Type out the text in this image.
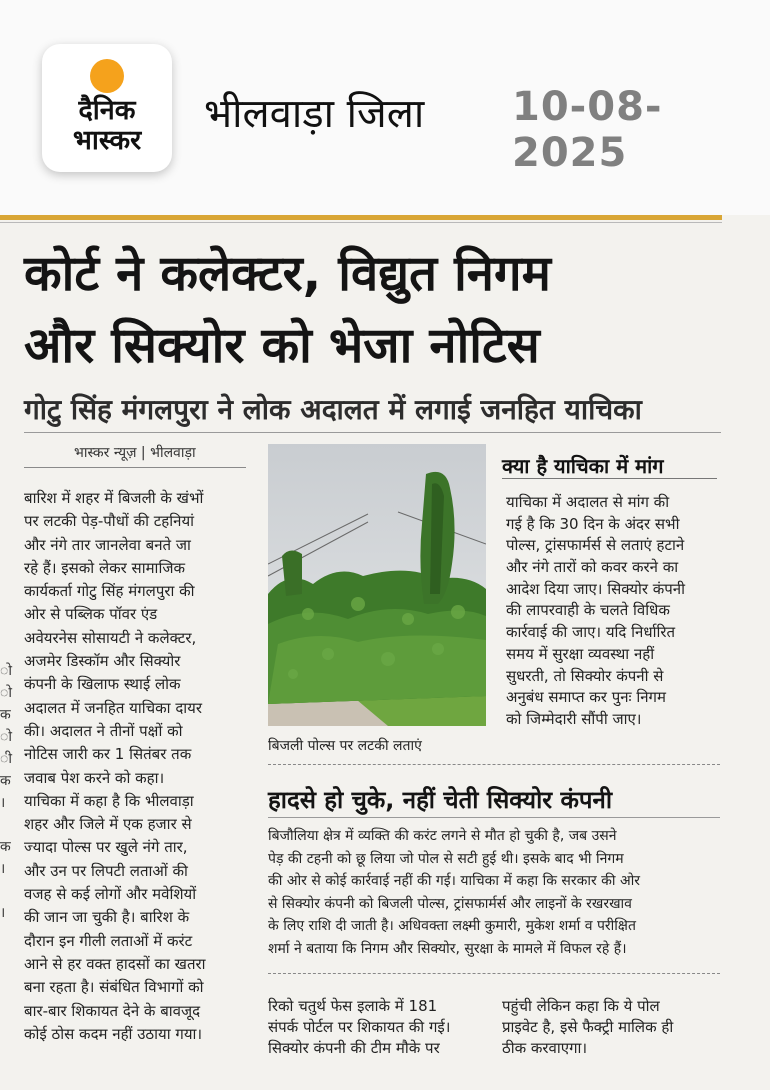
दैनिक
भास्कर
भीलवाड़ा जिला 10-08-2025
कोर्ट ने कलेक्टर, विद्युत निगम
और सिक्योर को भेजा नोटिस
गोटु सिंह मंगलपुरा ने लोक अदालत में लगाई जनहित याचिका
ो
ो
क
ो
ी
क
।

क
।

।
भास्कर न्यूज़ | भीलवाड़ा
बारिश में शहर में बिजली के खंभों
पर लटकी पेड़-पौधों की टहनियां
और नंगे तार जानलेवा बनते जा
रहे हैं। इसको लेकर सामाजिक
कार्यकर्ता गोटु सिंह मंगलपुरा की
ओर से पब्लिक पॉवर एंड
अवेयरनेस सोसायटी ने कलेक्टर,
अजमेर डिस्कॉम और सिक्योर
कंपनी के खिलाफ स्थाई लोक
अदालत में जनहित याचिका दायर
की। अदालत ने तीनों पक्षों को
नोटिस जारी कर 1 सितंबर तक
जवाब पेश करने को कहा।
याचिका में कहा है कि भीलवाड़ा
शहर और जिले में एक हजार से
ज्यादा पोल्स पर खुले नंगे तार,
और उन पर लिपटी लताओं की
वजह से कई लोगों और मवेशियों
की जान जा चुकी है। बारिश के
दौरान इन गीली लताओं में करंट
आने से हर वक्त हादसों का खतरा
बना रहता है। संबंधित विभागों को
बार-बार शिकायत देने के बावजूद
कोई ठोस कदम नहीं उठाया गया।
बिजली पोल्स पर लटकी लताएं
क्या है याचिका में मांग
याचिका में अदालत से मांग की
गई है कि 30 दिन के अंदर सभी
पोल्स, ट्रांसफार्मर्स से लताएं हटाने
और नंगे तारों को कवर करने का
आदेश दिया जाए। सिक्योर कंपनी
की लापरवाही के चलते विधिक
कार्रवाई की जाए। यदि निर्धारित
समय में सुरक्षा व्यवस्था नहीं
सुधरती, तो सिक्योर कंपनी से
अनुबंध समाप्त कर पुनः निगम
को जिम्मेदारी सौंपी जाए।
हादसे हो चुके, नहीं चेती सिक्योर कंपनी
बिजौलिया क्षेत्र में व्यक्ति की करंट लगने से मौत हो चुकी है, जब उसने
पेड़ की टहनी को छू लिया जो पोल से सटी हुई थी। इसके बाद भी निगम
की ओर से कोई कार्रवाई नहीं की गई। याचिका में कहा कि सरकार की ओर
से सिक्योर कंपनी को बिजली पोल्स, ट्रांसफार्मर्स और लाइनों के रखरखाव
के लिए राशि दी जाती है। अधिवक्ता लक्ष्मी कुमारी, मुकेश शर्मा व परीक्षित
शर्मा ने बताया कि निगम और सिक्योर, सुरक्षा के मामले में विफल रहे हैं।
रिको चतुर्थ फेस इलाके में 181
संपर्क पोर्टल पर शिकायत की गई।
सिक्योर कंपनी की टीम मौके पर
पहुंची लेकिन कहा कि ये पोल
प्राइवेट है, इसे फैक्ट्री मालिक ही
ठीक करवाएगा।
